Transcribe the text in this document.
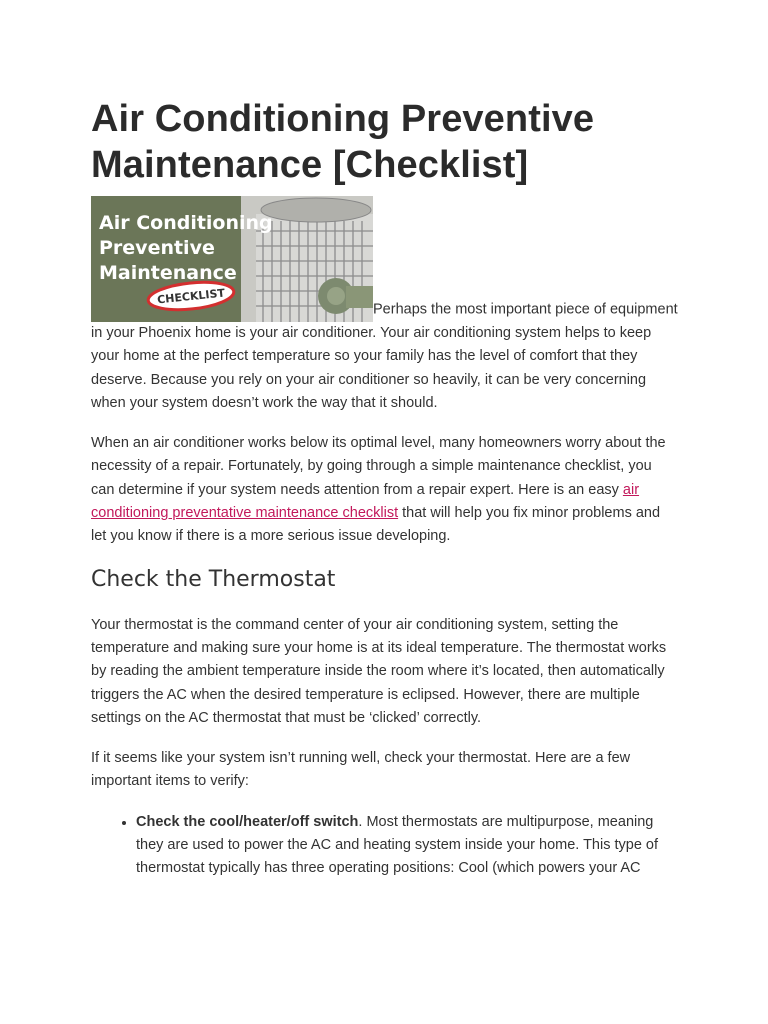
Air Conditioning Preventive Maintenance [Checklist]

Air Conditioning
Preventive
Maintenance
CHECKLIST
Perhaps the most important piece of equipment in your Phoenix home is your air conditioner. Your air conditioning system helps to keep your home at the perfect temperature so your family has the level of comfort that they deserve. Because you rely on your air conditioner so heavily, it can be very concerning when your system doesn’t work the way that it should.

When an air conditioner works below its optimal level, many homeowners worry about the necessity of a repair. Fortunately, by going through a simple maintenance checklist, you can determine if your system needs attention from a repair expert. Here is an easy air conditioning preventative maintenance checklist that will help you fix minor problems and let you know if there is a more serious issue developing.

Check the Thermostat

Your thermostat is the command center of your air conditioning system, setting the temperature and making sure your home is at its ideal temperature. The thermostat works by reading the ambient temperature inside the room where it’s located, then automatically triggers the AC when the desired temperature is eclipsed. However, there are multiple settings on the AC thermostat that must be ‘clicked’ correctly.

If it seems like your system isn’t running well, check your thermostat. Here are a few important items to verify:

• Check the cool/heater/off switch. Most thermostats are multipurpose, meaning they are used to power the AC and heating system inside your home. This type of thermostat typically has three operating positions: Cool (which powers your AC
